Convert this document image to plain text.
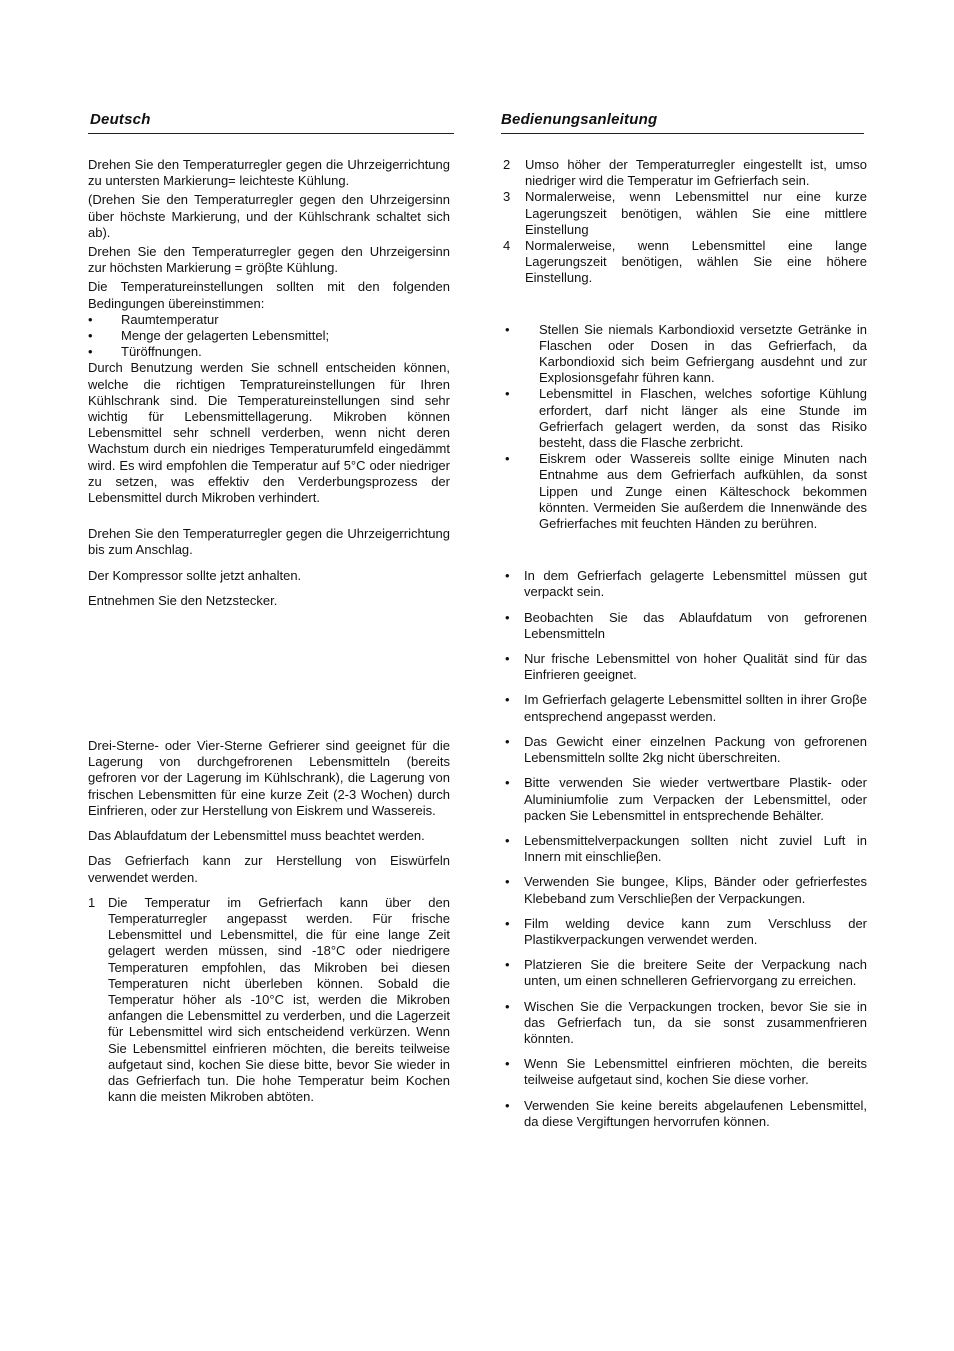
Deutsch	Bedienungsanleitung

Drehen Sie den Temperaturregler gegen die Uhrzeigerrichtung zu untersten Markierung= leichteste Kühlung.

(Drehen Sie den Temperaturregler gegen den Uhrzeigersinn über höchste Markierung, und der Kühlschrank schaltet sich ab).

Drehen Sie den Temperaturregler gegen den Uhrzeigersinn zur höchsten Markierung = gröβte Kühlung.

Die Temperatureinstellungen sollten mit den folgenden Bedingungen übereinstimmen:

•	Raumtemperatur
•	Menge der gelagerten Lebensmittel;
•	Türöffnungen.

Durch Benutzung werden Sie schnell entscheiden können, welche die richtigen Tempratureinstellungen für Ihren Kühlschrank sind. Die Temperatureinstellungen sind sehr wichtig für Lebensmittellagerung. Mikroben können Lebensmittel sehr schnell verderben, wenn nicht deren Wachstum durch ein niedriges Temperaturumfeld eingedämmt wird. Es wird empfohlen die Temperatur auf 5°C oder niedriger zu setzen, was effektiv den Verderbungsprozess der Lebensmittel durch Mikroben verhindert.

Drehen Sie den Temperaturregler gegen die Uhrzeigerrichtung bis zum Anschlag.

Der Kompressor sollte jetzt anhalten.

Entnehmen Sie den Netzstecker.

Drei-Sterne- oder Vier-Sterne Gefrierer sind geeignet für die Lagerung von durchgefrorenen Lebensmitteln (bereits gefroren vor der Lagerung im Kühlschrank), die Lagerung von frischen Lebensmitten für eine kurze Zeit (2-3 Wochen) durch Einfrieren, oder zur Herstellung von Eiskrem und Wassereis.

Das Ablaufdatum der Lebensmittel muss beachtet werden.

Das Gefrierfach kann zur Herstellung von Eiswürfeln verwendet werden.

1 Die Temperatur im Gefrierfach kann über den Temperaturregler angepasst werden. Für frische Lebensmittel und Lebensmittel, die für eine lange Zeit gelagert werden müssen, sind -18°C oder niedrigere Temperaturen empfohlen, das Mikroben bei diesen Temperaturen nicht überleben können. Sobald die Temperatur höher als -10°C ist, werden die Mikroben anfangen die Lebensmittel zu verderben, und die Lagerzeit für Lebensmittel wird sich entscheidend verkürzen. Wenn Sie Lebensmittel einfrieren möchten, die bereits teilweise aufgetaut sind, kochen Sie diese bitte, bevor Sie wieder in das Gefrierfach tun. Die hohe Temperatur beim Kochen kann die meisten Mikroben abtöten.
2	Umso höher der Temperaturregler eingestellt ist, umso niedriger wird die Temperatur im Gefrierfach sein.
3	Normalerweise, wenn Lebensmittel nur eine kurze Lagerungszeit benötigen, wählen Sie eine mittlere Einstellung
4	Normalerweise, wenn Lebensmittel eine lange Lagerungszeit benötigen, wählen Sie eine höhere Einstellung.
•	Stellen Sie niemals Karbondioxid versetzte Getränke in Flaschen oder Dosen in das Gefrierfach, da Karbondioxid sich beim Gefriergang ausdehnt und zur Explosionsgefahr führen kann.
•	Lebensmittel in Flaschen, welches sofortige Kühlung erfordert, darf nicht länger als eine Stunde im Gefrierfach gelagert werden, da sonst das Risiko besteht, dass die Flasche zerbricht.
•	Eiskrem oder Wassereis sollte einige Minuten nach Entnahme aus dem Gefrierfach aufkühlen, da sonst Lippen und Zunge einen Kälteschock bekommen könnten. Vermeiden Sie außerdem die Innenwände des Gefrierfaches mit feuchten Händen zu berühren.
•	In dem Gefrierfach gelagerte Lebensmittel müssen gut verpackt sein.
•	Beobachten Sie das Ablaufdatum von gefrorenen Lebensmitteln
•	Nur frische Lebensmittel von hoher Qualität sind für das Einfrieren geeignet.
•	Im Gefrierfach gelagerte Lebensmittel sollten in ihrer Groβe entsprechend angepasst werden.
•	Das Gewicht einer einzelnen Packung von gefrorenen Lebensmitteln sollte 2kg nicht überschreiten.
•	Bitte verwenden Sie wieder vertwertbare Plastik- oder Aluminiumfolie zum Verpacken der Lebensmittel, oder packen Sie Lebensmittel in entsprechende Behälter.
•	Lebensmittelverpackungen sollten nicht zuviel Luft in Innern mit einschlieβen.
•	Verwenden Sie bungee, Klips, Bänder oder gefrierfestes Klebeband zum Verschlieβen der Verpackungen.
•	Film welding device kann zum Verschluss der Plastikverpackungen verwendet werden.
•	Platzieren Sie die breitere Seite der Verpackung nach unten, um einen schnelleren Gefriervorgang zu erreichen.
•	Wischen Sie die Verpackungen trocken, bevor Sie sie in das Gefrierfach tun, da sie sonst zusammenfrieren könnten.
•	Wenn Sie Lebensmittel einfrieren möchten, die bereits teilweise aufgetaut sind, kochen Sie diese vorher.
•	Verwenden Sie keine bereits abgelaufenen Lebensmittel, da diese Vergiftungen hervorrufen können.
